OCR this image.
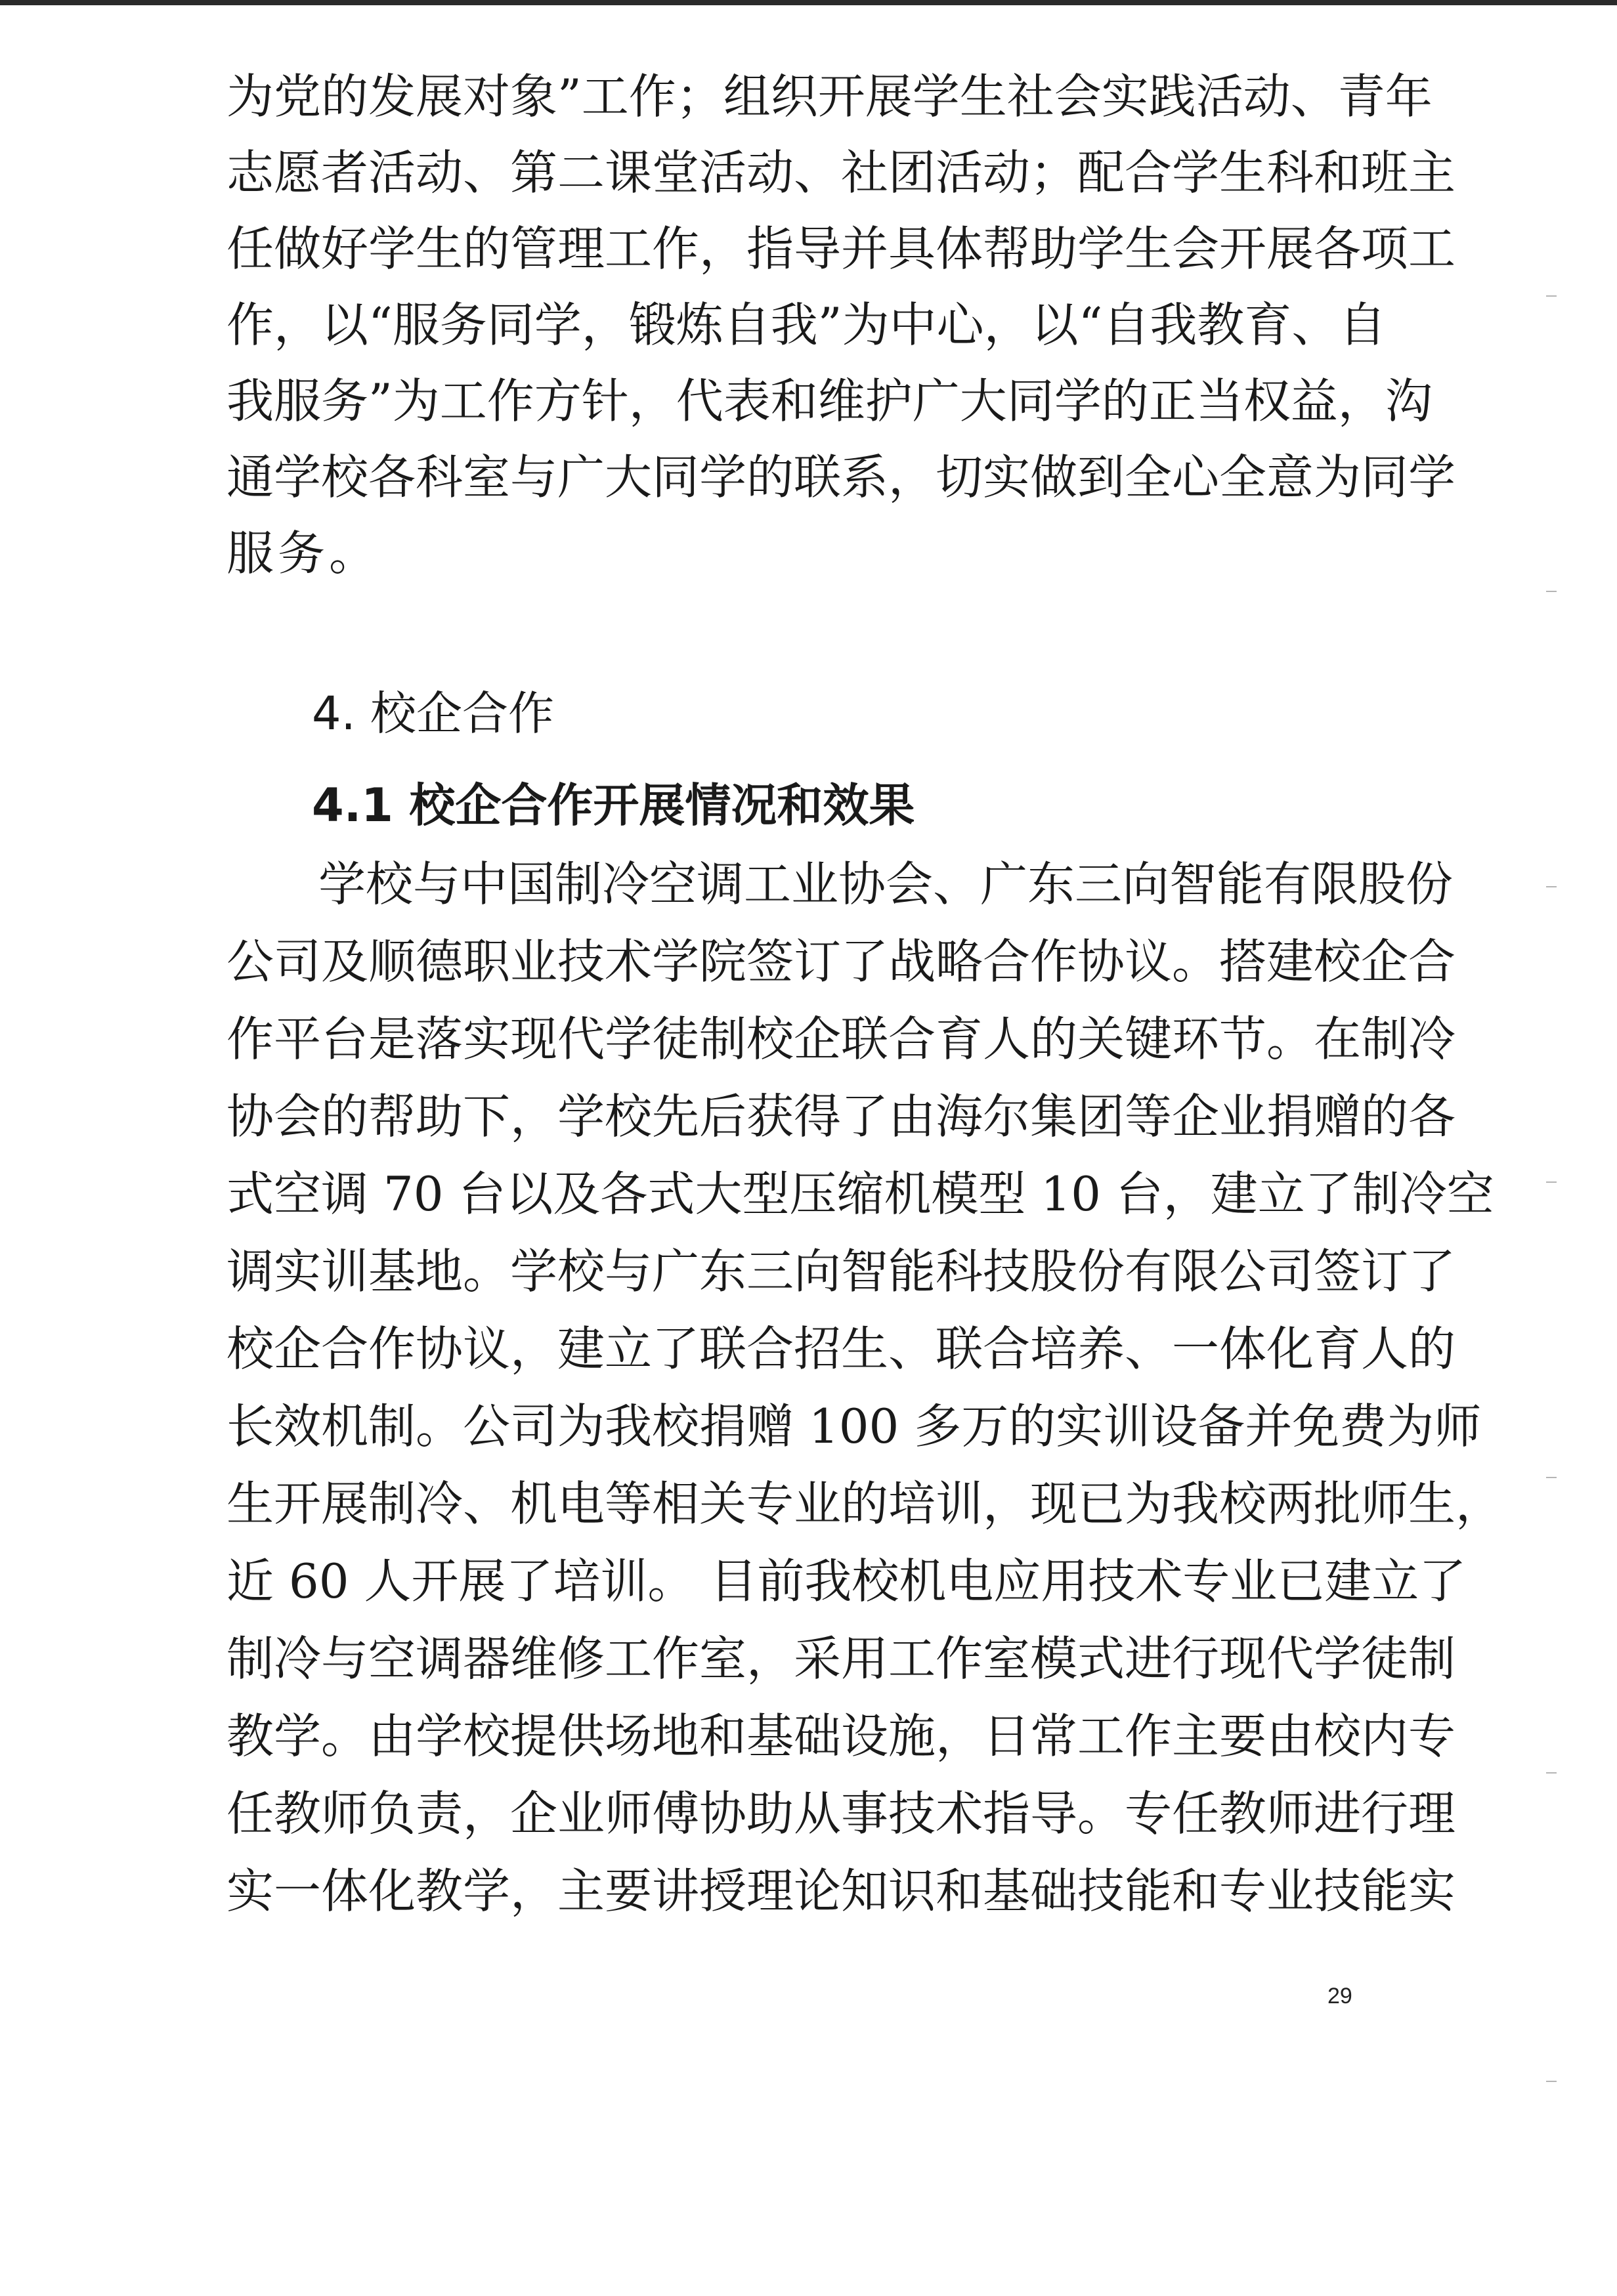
为党的发展对象”工作；组织开展学生社会实践活动、青年
志愿者活动、第二课堂活动、社团活动；配合学生科和班主
任做好学生的管理工作，指导并具体帮助学生会开展各项工
作，以“服务同学，锻炼自我”为中心，以“自我教育、自
我服务”为工作方针，代表和维护广大同学的正当权益，沟
通学校各科室与广大同学的联系，切实做到全心全意为同学
服务。
4. 校企合作
4.1 校企合作开展情况和效果
学校与中国制冷空调工业协会、广东三向智能有限股份
公司及顺德职业技术学院签订了战略合作协议。搭建校企合
作平台是落实现代学徒制校企联合育人的关键环节。在制冷
协会的帮助下，学校先后获得了由海尔集团等企业捐赠的各
式空调 70 台以及各式大型压缩机模型 10 台，建立了制冷空
调实训基地。学校与广东三向智能科技股份有限公司签订了
校企合作协议，建立了联合招生、联合培养、一体化育人的
长效机制。公司为我校捐赠 100 多万的实训设备并免费为师
生开展制冷、机电等相关专业的培训，现已为我校两批师生，
近 60 人开展了培训。 目前我校机电应用技术专业已建立了
制冷与空调器维修工作室，采用工作室模式进行现代学徒制
教学。由学校提供场地和基础设施，日常工作主要由校内专
任教师负责，企业师傅协助从事技术指导。专任教师进行理
实一体化教学，主要讲授理论知识和基础技能和专业技能实
29
